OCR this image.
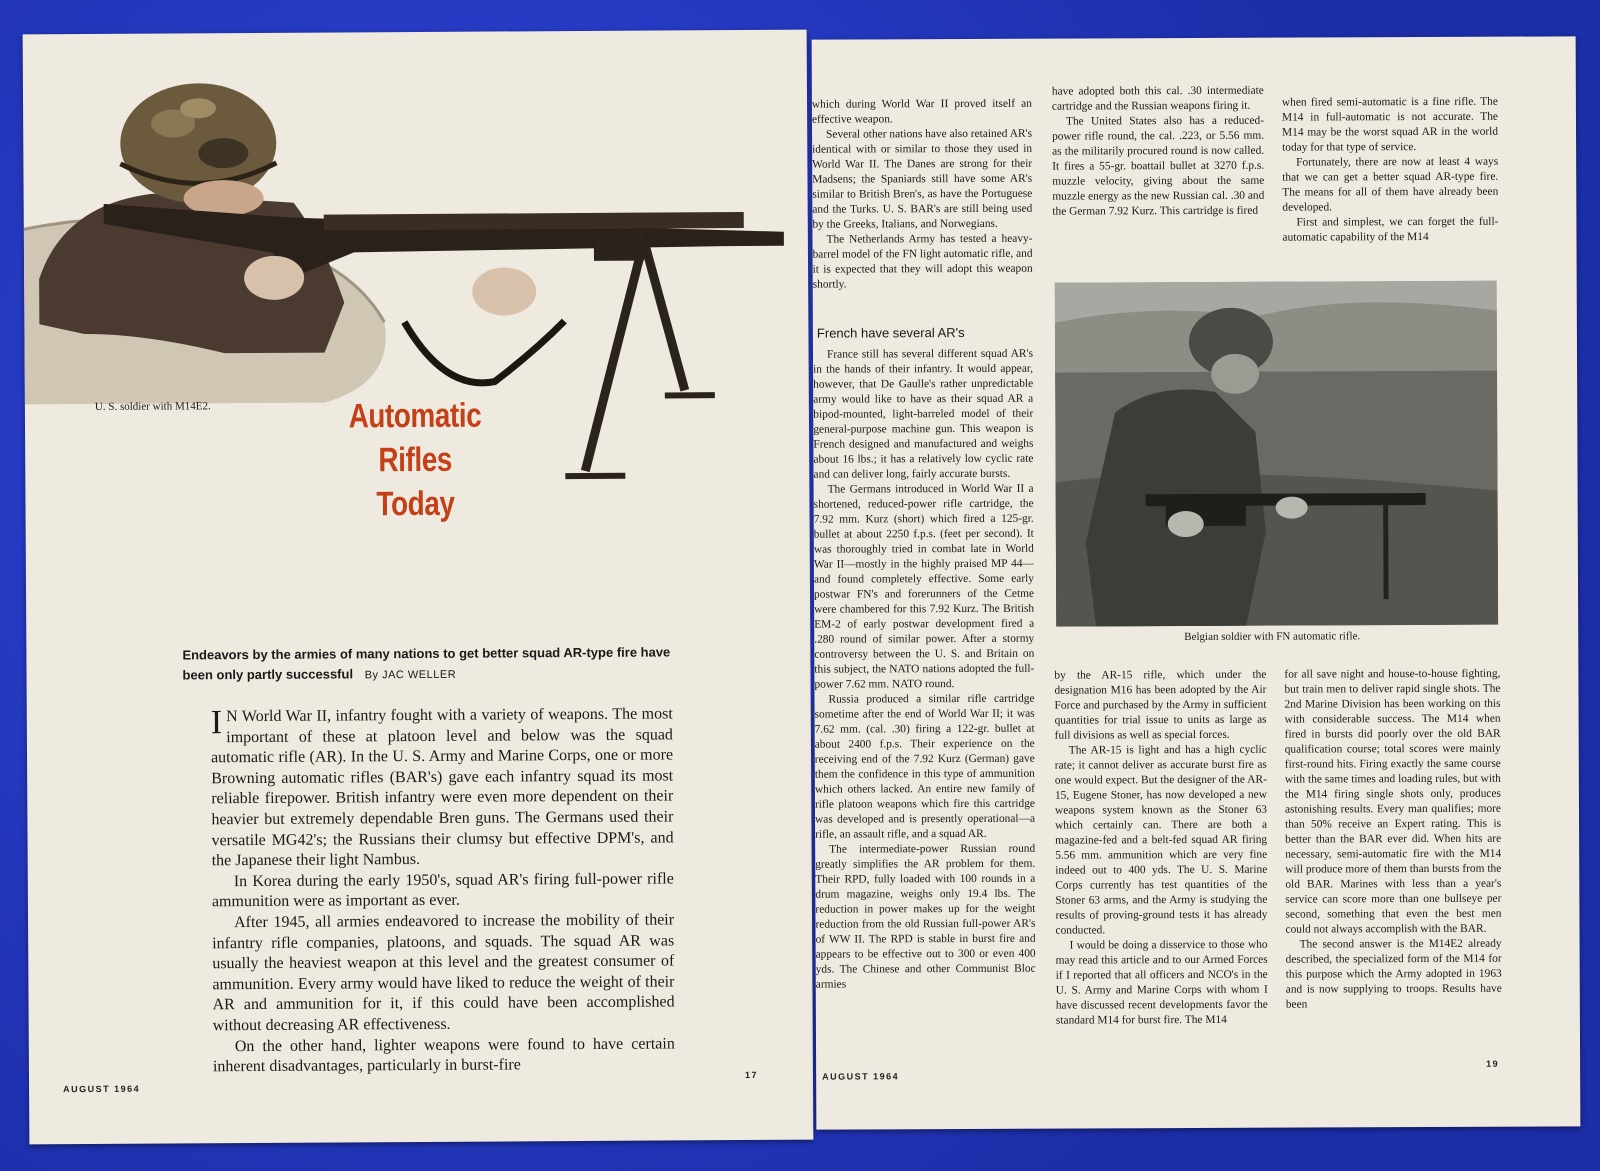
U. S. soldier with M14E2.	Automatic
Rifles
Today
Endeavors by the armies of many nations to get better squad AR-type fire have been only partly successful By JAC WELLER

I N World War II, infantry fought with a variety of weapons. The most important of these at platoon level and below was the squad automatic rifle (AR). In the U. S. Army and Marine Corps, one or more Browning automatic rifles (BAR's) gave each infantry squad its most reliable firepower. British infantry were even more dependent on their heavier but extremely dependable Bren guns. The Germans used their versatile MG42's; the Russians their clumsy but effective DPM's, and the Japanese their light Nambus.

In Korea during the early 1950's, squad AR's firing full-power rifle ammunition were as important as ever.

After 1945, all armies endeavored to increase the mobility of their infantry rifle companies, platoons, and squads. The squad AR was usually the heaviest weapon at this level and the greatest consumer of ammunition. Every army would have liked to reduce the weight of their AR and ammunition for it, if this could have been accomplished without decreasing AR effectiveness.

On the other hand, lighter weapons were found to have certain inherent disadvantages, particularly in burst-fire

AUGUST 1964
17

which during World War II proved itself an effective weapon.

Several other nations have also retained AR's identical with or similar to those they used in World War II. The Danes are strong for their Madsens; the Spaniards still have some AR's similar to British Bren's, as have the Portuguese and the Turks. U. S. BAR's are still being used by the Greeks, Italians, and Norwegians.

The Netherlands Army has tested a heavy-barrel model of the FN light automatic rifle, and it is expected that they will adopt this weapon shortly.

have adopted both this cal. .30 intermediate cartridge and the Russian weapons firing it.

The United States also has a reduced-power rifle round, the cal. .223, or 5.56 mm. as the militarily procured round is now called. It fires a 55-gr. boattail bullet at 3270 f.p.s. muzzle velocity, giving about the same muzzle energy as the new Russian cal. .30 and the German 7.92 Kurz. This cartridge is fired

when fired semi-automatic is a fine rifle. The M14 in full-automatic is not accurate. The M14 may be the worst squad AR in the world today for that type of service.

Fortunately, there are now at least 4 ways that we can get a better squad AR-type fire. The means for all of them have already been developed.

First and simplest, we can forget the full-automatic capability of the M14

French have several AR's

France still has several different squad AR's in the hands of their infantry. It would appear, however, that De Gaulle's rather unpredictable army would like to have as their squad AR a bipod-mounted, light-barreled model of their general-purpose machine gun. This weapon is French designed and manufactured and weighs about 16 lbs.; it has a relatively low cyclic rate and can deliver long, fairly accurate bursts.

The Germans introduced in World War II a shortened, reduced-power rifle cartridge, the 7.92 mm. Kurz (short) which fired a 125-gr. bullet at about 2250 f.p.s. (feet per second). It was thoroughly tried in combat late in World War II—mostly in the highly praised MP 44—and found completely effective. Some early postwar FN's and forerunners of the Cetme were chambered for this 7.92 Kurz. The British EM-2 of early postwar development fired a .280 round of similar power. After a stormy controversy between the U. S. and Britain on this subject, the NATO nations adopted the full-power 7.62 mm. NATO round.

Russia produced a similar rifle cartridge sometime after the end of World War II; it was 7.62 mm. (cal. .30) firing a 122-gr. bullet at about 2400 f.p.s. Their experience on the receiving end of the 7.92 Kurz (German) gave them the confidence in this type of ammunition which others lacked. An entire new family of rifle platoon weapons which fire this cartridge was developed and is presently operational—a rifle, an assault rifle, and a squad AR.

The intermediate-power Russian round greatly simplifies the AR problem for them. Their RPD, fully loaded with 100 rounds in a drum magazine, weighs only 19.4 lbs. The reduction in power makes up for the weight reduction from the old Russian full-power AR's of WW II. The RPD is stable in burst fire and appears to be effective out to 300 or even 400 yds. The Chinese and other Communist Bloc armies

Belgian soldier with FN automatic rifle.

by the AR-15 rifle, which under the designation M16 has been adopted by the Air Force and purchased by the Army in sufficient quantities for trial issue to units as large as full divisions as well as special forces.

The AR-15 is light and has a high cyclic rate; it cannot deliver as accurate burst fire as one would expect. But the designer of the AR-15, Eugene Stoner, has now developed a new weapons system known as the Stoner 63 which certainly can. There are both a magazine-fed and a belt-fed squad AR firing 5.56 mm. ammunition which are very fine indeed out to 400 yds. The U. S. Marine Corps currently has test quantities of the Stoner 63 arms, and the Army is studying the results of proving-ground tests it has already conducted.

I would be doing a disservice to those who may read this article and to our Armed Forces if I reported that all officers and NCO's in the U. S. Army and Marine Corps with whom I have discussed recent developments favor the standard M14 for burst fire. The M14

for all save night and house-to-house fighting, but train men to deliver rapid single shots. The 2nd Marine Division has been working on this with considerable success. The M14 when fired in bursts did poorly over the old BAR qualification course; total scores were mainly first-round hits. Firing exactly the same course with the same times and loading rules, but with the M14 firing single shots only, produces astonishing results. Every man qualifies; more than 50% receive an Expert rating. This is better than the BAR ever did. When hits are necessary, semi-automatic fire with the M14 will produce more of them than bursts from the old BAR. Marines with less than a year's service can score more than one bullseye per second, something that even the best men could not always accomplish with the BAR.

The second answer is the M14E2 already described, the specialized form of the M14 for this purpose which the Army adopted in 1963 and is now supplying to troops. Results have been

AUGUST 1964
19
